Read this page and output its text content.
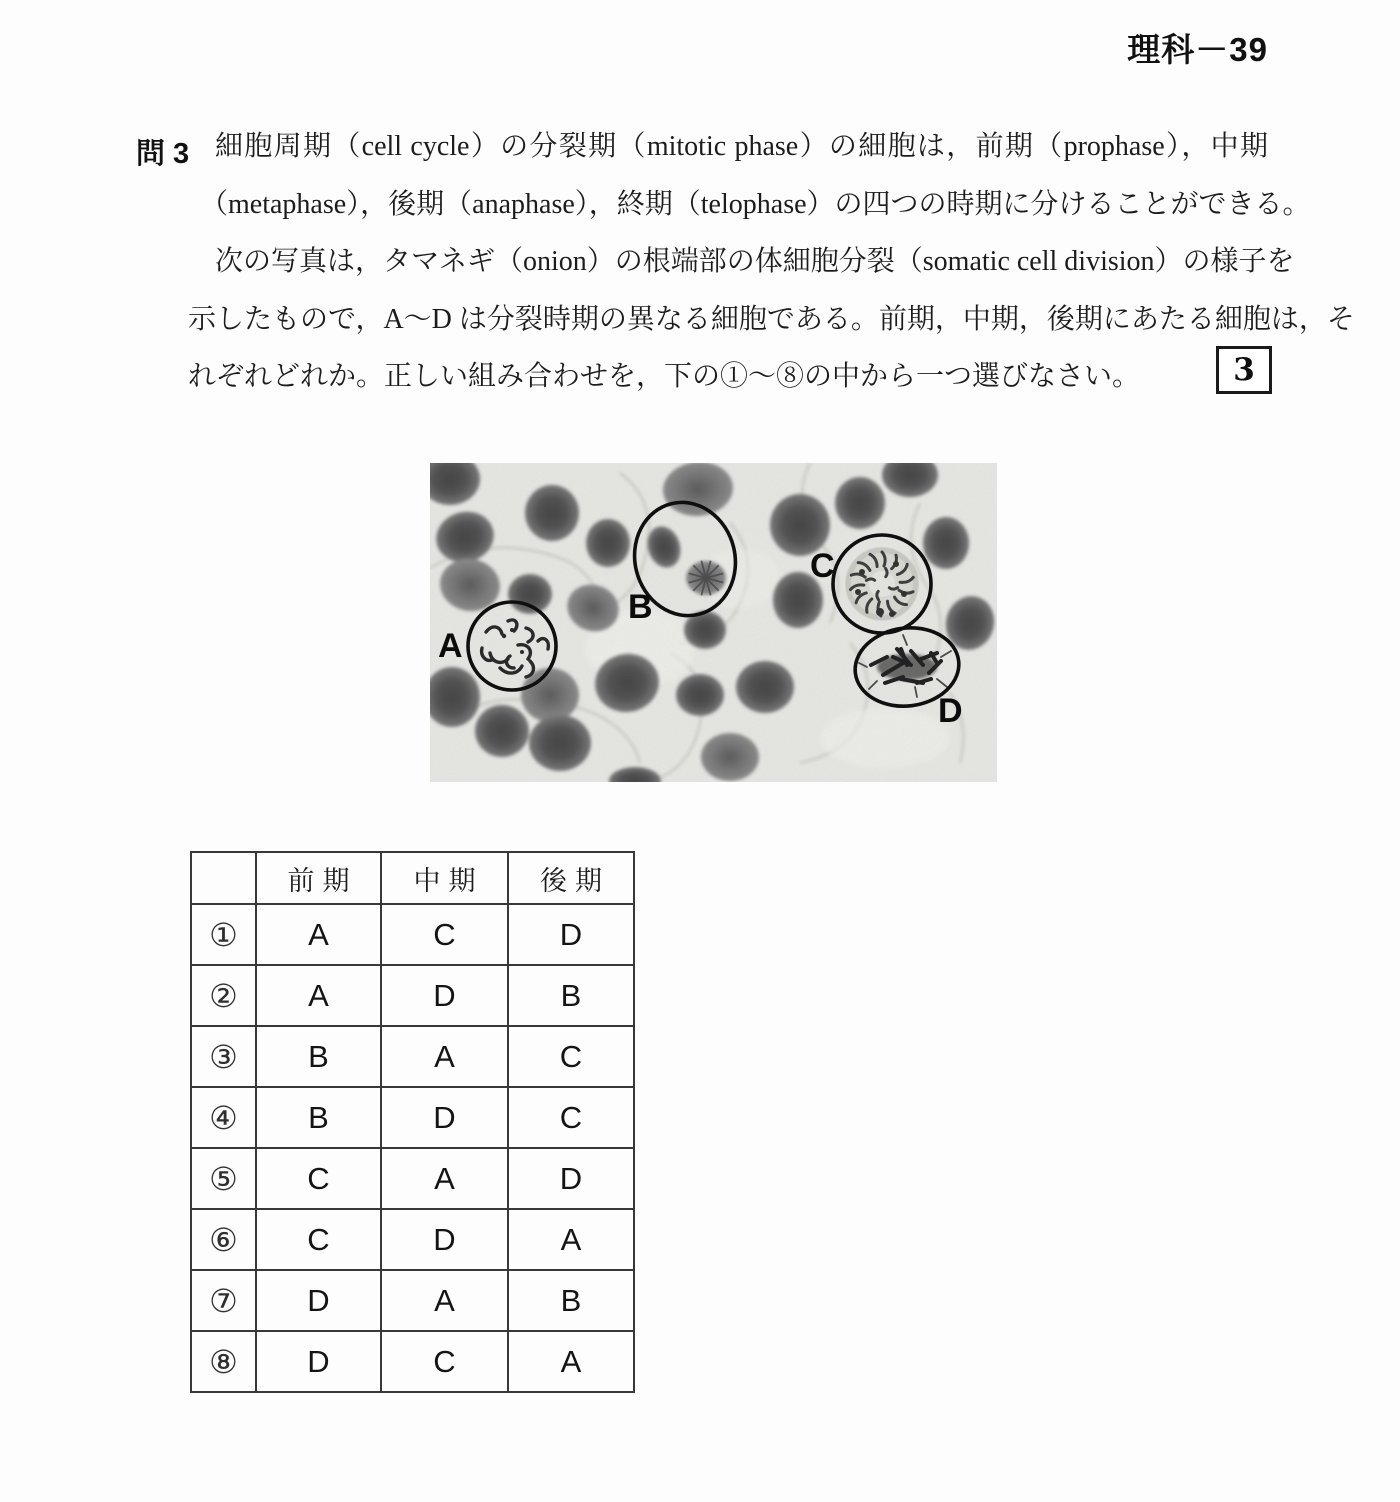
理科－39
問 3 細胞周期（cell cycle）の分裂期（mitotic phase）の細胞は，前期（prophase），中期
（metaphase），後期（anaphase），終期（telophase）の四つの時期に分けることができる。
次の写真は，タマネギ（onion）の根端部の体細胞分裂（somatic cell division）の様子を
示したもので，A～D は分裂時期の異なる細胞である。前期，中期，後期にあたる細胞は，そ
れぞれどれか。正しい組み合わせを，下の①～⑧の中から一つ選びなさい。	3
A
B
C
D
	前期	中期	後期
①	A	C	D
②	A	D	B
③	B	A	C
④	B	D	C
⑤	C	A	D
⑥	C	D	A
⑦	D	A	B
⑧	D	C	A
